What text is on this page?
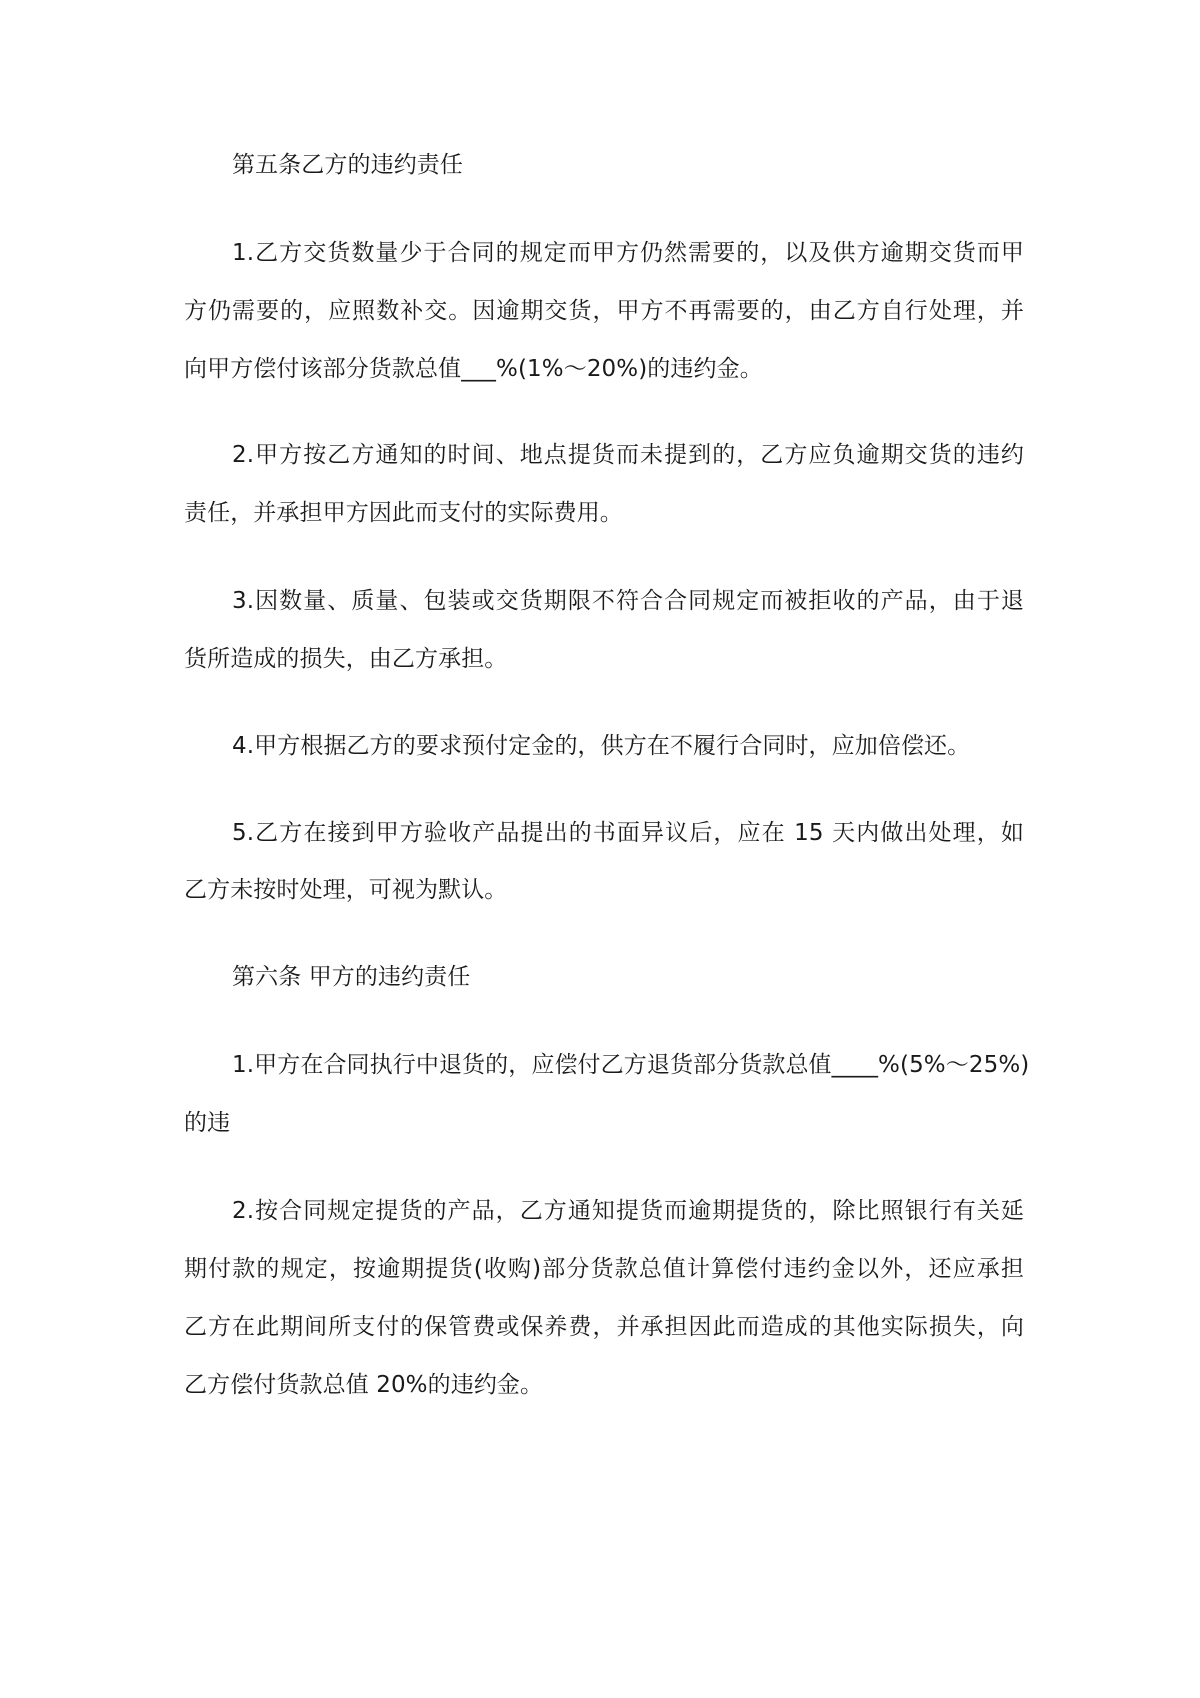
第五条乙方的违约责任
1.乙方交货数量少于合同的规定而甲方仍然需要的，以及供方逾期交货而甲
方仍需要的，应照数补交。因逾期交货，甲方不再需要的，由乙方自行处理，并
向甲方偿付该部分货款总值___%(1%～20%)的违约金。
2.甲方按乙方通知的时间、地点提货而未提到的，乙方应负逾期交货的违约
责任，并承担甲方因此而支付的实际费用。
3.因数量、质量、包装或交货期限不符合合同规定而被拒收的产品，由于退
货所造成的损失，由乙方承担。
4.甲方根据乙方的要求预付定金的，供方在不履行合同时，应加倍偿还。
5.乙方在接到甲方验收产品提出的书面异议后，应在 15 天内做出处理，如
乙方未按时处理，可视为默认。
第六条 甲方的违约责任
1.甲方在合同执行中退货的，应偿付乙方退货部分货款总值____%(5%～25%)
的违
2.按合同规定提货的产品，乙方通知提货而逾期提货的，除比照银行有关延
期付款的规定，按逾期提货(收购)部分货款总值计算偿付违约金以外，还应承担
乙方在此期间所支付的保管费或保养费，并承担因此而造成的其他实际损失，向
乙方偿付货款总值 20%的违约金。
